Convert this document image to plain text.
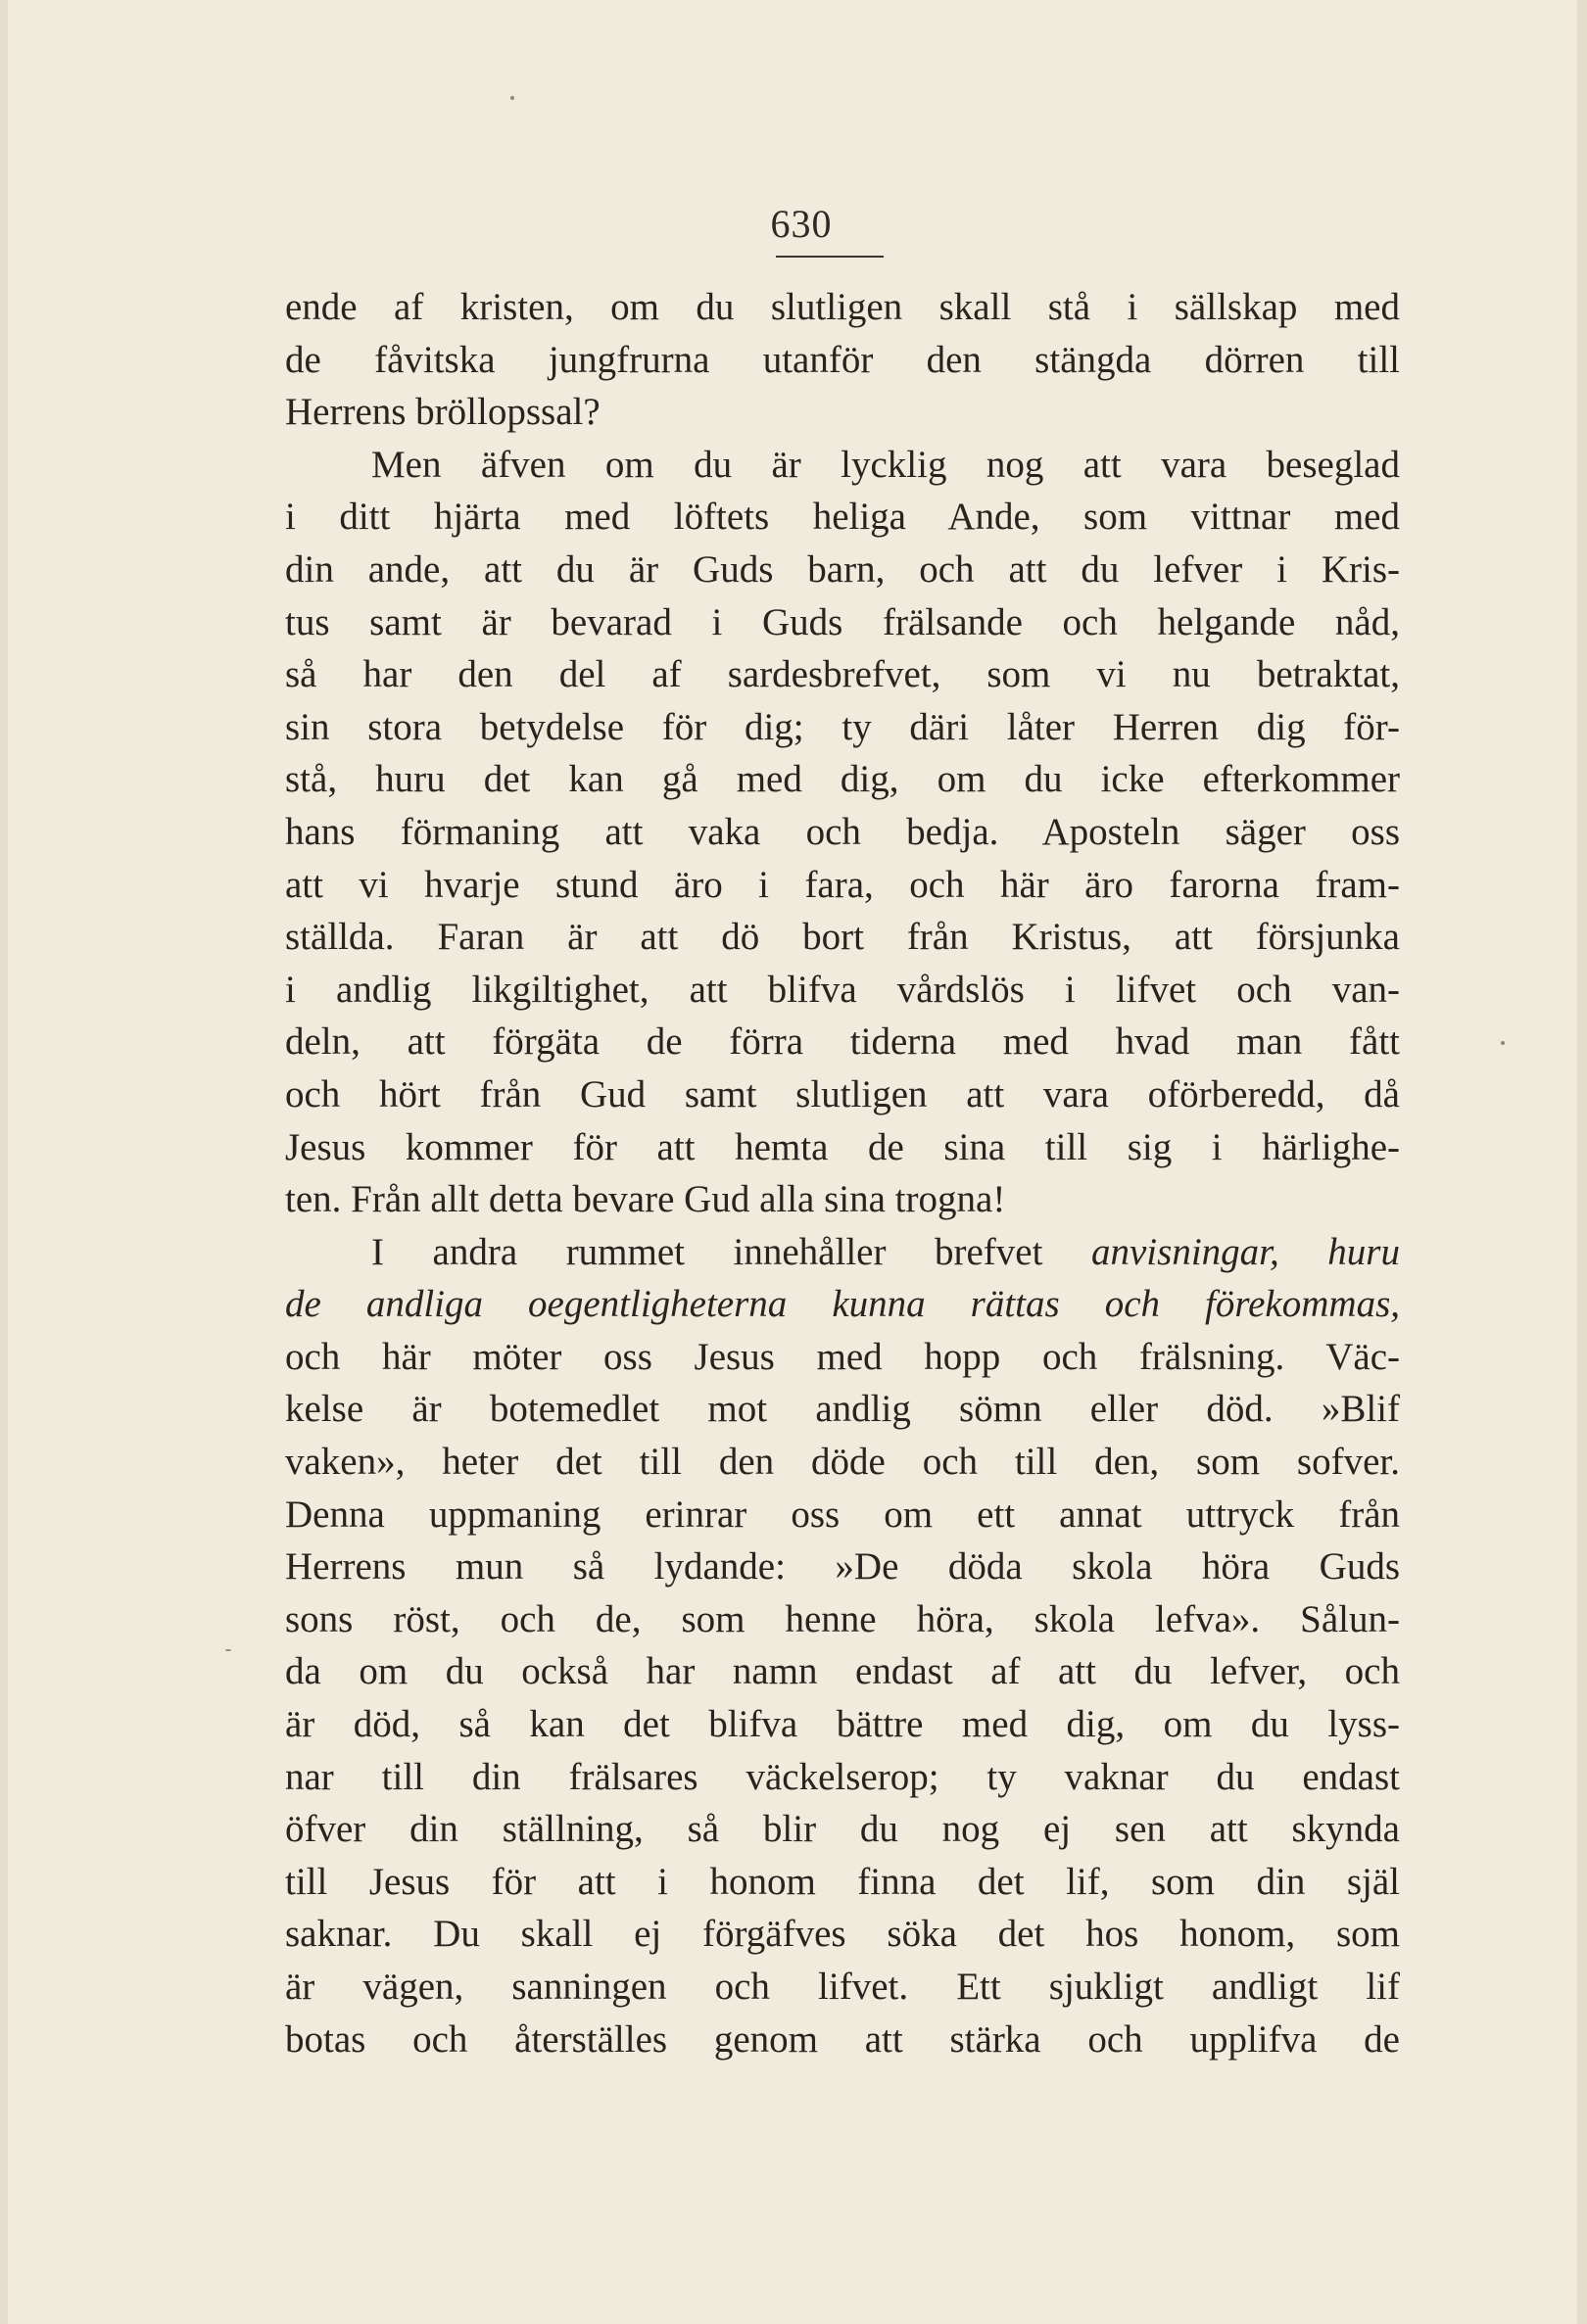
630
ende af kristen, om du slutligen skall stå i sällskap med
de fåvitska jungfrurna utanför den stängda dörren till
Herrens bröllopssal?
Men äfven om du är lycklig nog att vara beseglad
i ditt hjärta med löftets heliga Ande, som vittnar med
din ande, att du är Guds barn, och att du lefver i Kris-
tus samt är bevarad i Guds frälsande och helgande nåd,
så har den del af sardesbrefvet, som vi nu betraktat,
sin stora betydelse för dig; ty däri låter Herren dig för-
stå, huru det kan gå med dig, om du icke efterkommer
hans förmaning att vaka och bedja. Aposteln säger oss
att vi hvarje stund äro i fara, och här äro farorna fram-
ställda. Faran är att dö bort från Kristus, att försjunka
i andlig likgiltighet, att blifva vårdslös i lifvet och van-
deln, att förgäta de förra tiderna med hvad man fått
och hört från Gud samt slutligen att vara oförberedd, då
Jesus kommer för att hemta de sina till sig i härlighe-
ten. Från allt detta bevare Gud alla sina trogna!
I andra rummet innehåller brefvet anvisningar, huru
de andliga oegentligheterna kunna rättas och förekommas,
och här möter oss Jesus med hopp och frälsning. Väc-
kelse är botemedlet mot andlig sömn eller död. »Blif
vaken», heter det till den döde och till den, som sofver.
Denna uppmaning erinrar oss om ett annat uttryck från
Herrens mun så lydande: »De döda skola höra Guds
sons röst, och de, som henne höra, skola lefva». Sålun-
da om du också har namn endast af att du lefver, och
är död, så kan det blifva bättre med dig, om du lyss-
nar till din frälsares väckelserop; ty vaknar du endast
öfver din ställning, så blir du nog ej sen att skynda
till Jesus för att i honom finna det lif, som din själ
saknar. Du skall ej förgäfves söka det hos honom, som
är vägen, sanningen och lifvet. Ett sjukligt andligt lif
botas och återställes genom att stärka och upplifva de
